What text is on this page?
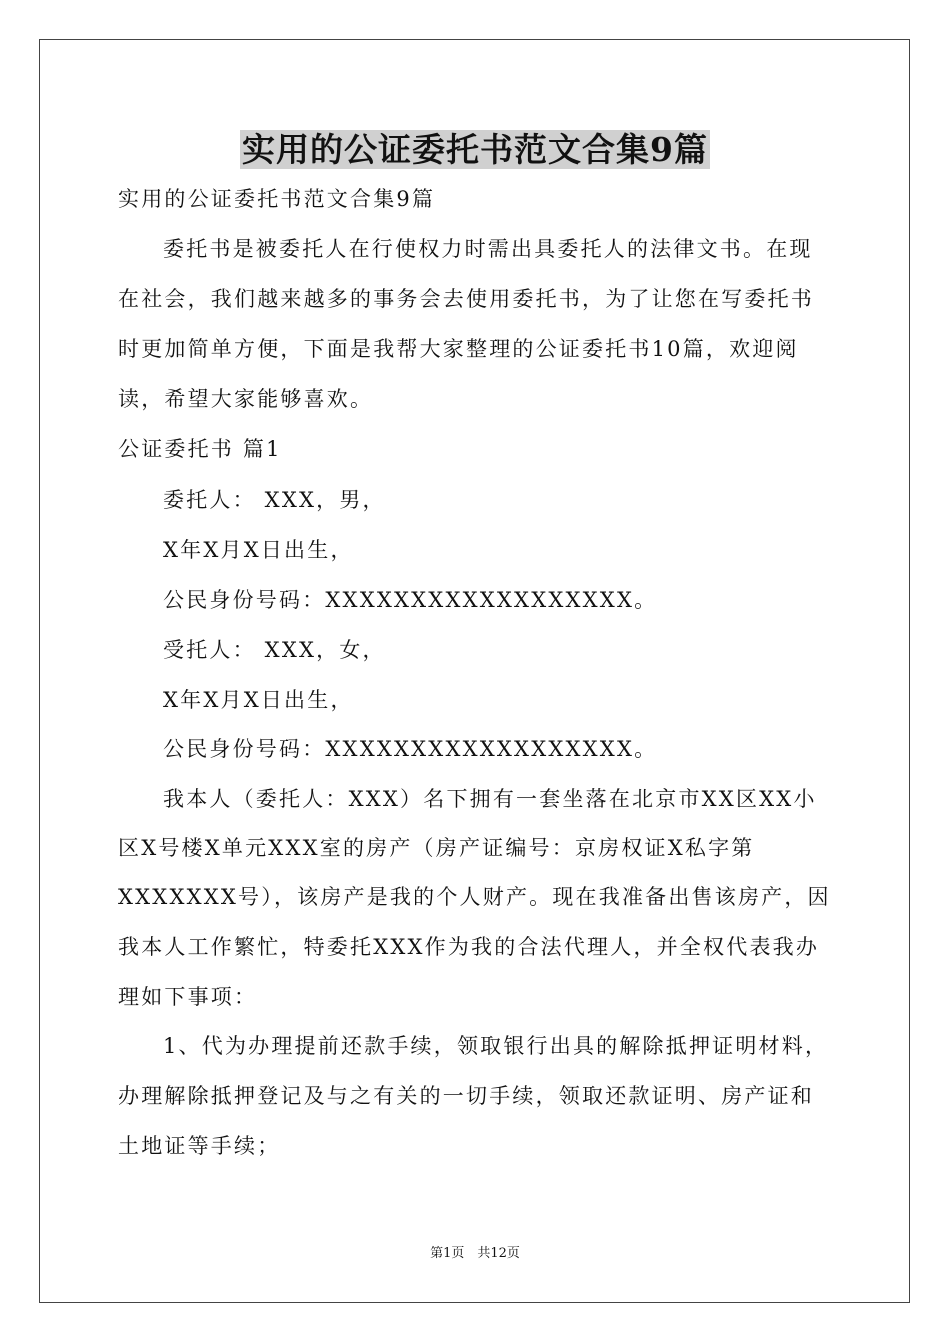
实用的公证委托书范文合集9篇
实用的公证委托书范文合集9篇
委托书是被委托人在行使权力时需出具委托人的法律文书。在现
在社会，我们越来越多的事务会去使用委托书，为了让您在写委托书
时更加简单方便，下面是我帮大家整理的公证委托书10篇，欢迎阅
读，希望大家能够喜欢。
公证委托书 篇1
委托人： XXX，男，
X年X月X日出生，
公民身份号码：XXXXXXXXXXXXXXXXXX。
受托人： XXX，女，
X年X月X日出生，
公民身份号码：XXXXXXXXXXXXXXXXXX。
我本人（委托人：XXX）名下拥有一套坐落在北京市XX区XX小
区X号楼X单元XXX室的房产（房产证编号：京房权证X私字第
XXXXXXX号），该房产是我的个人财产。现在我准备出售该房产，因
我本人工作繁忙，特委托XXX作为我的合法代理人，并全权代表我办
理如下事项：
1、代为办理提前还款手续，领取银行出具的解除抵押证明材料，
办理解除抵押登记及与之有关的一切手续，领取还款证明、房产证和
土地证等手续；
第1页　共12页
